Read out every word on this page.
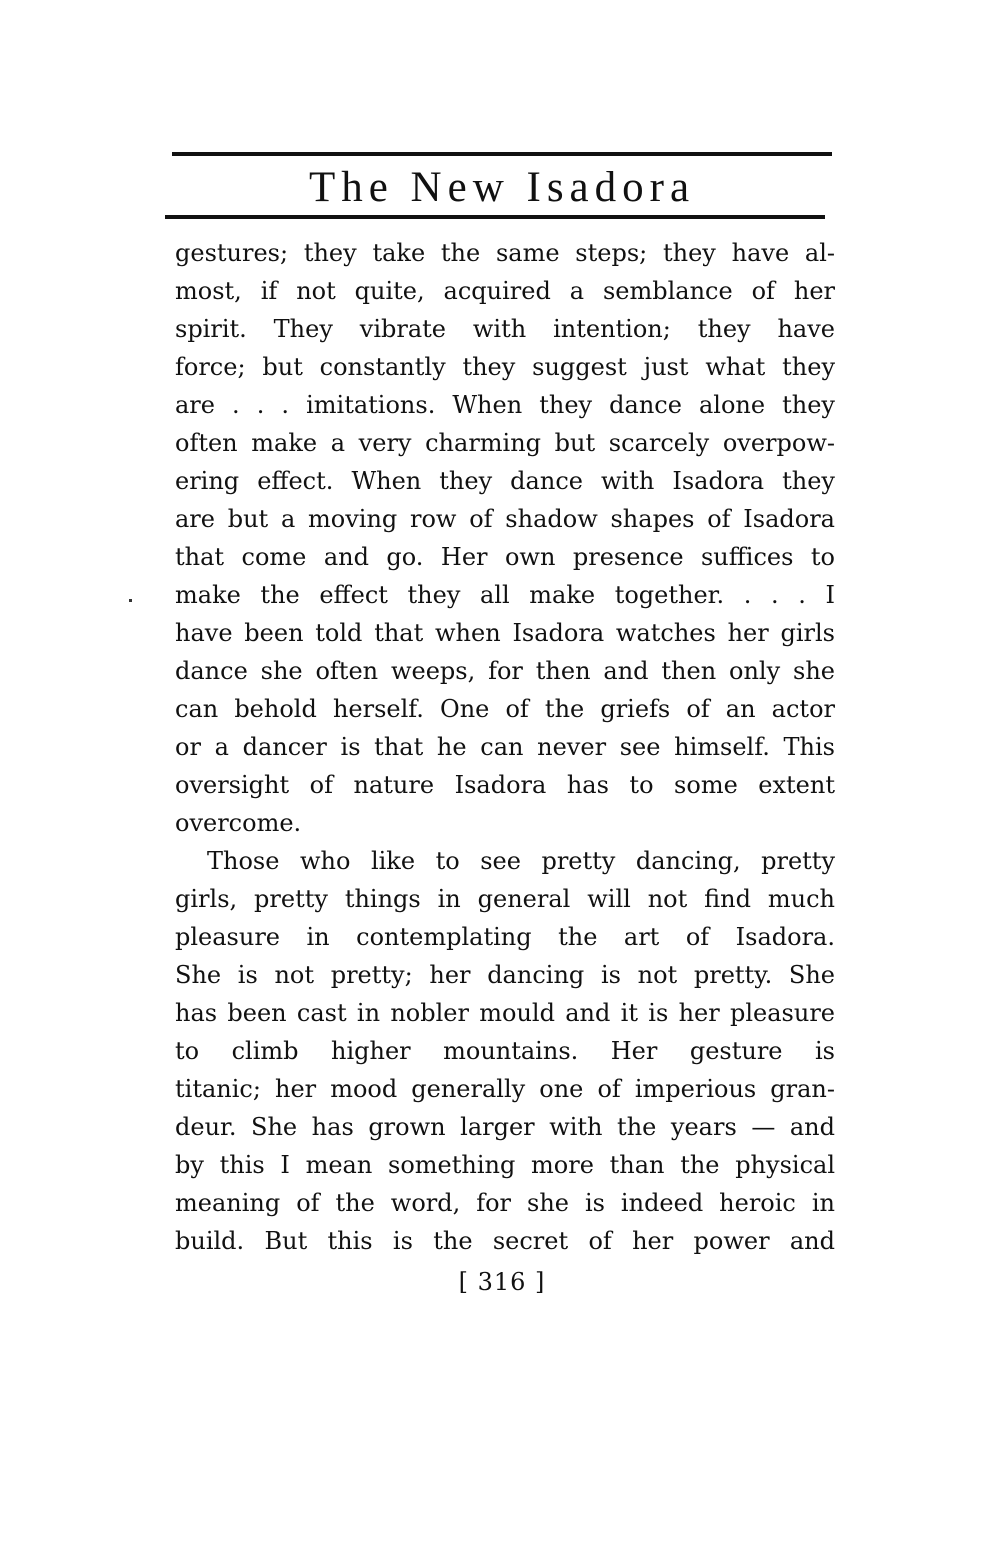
The New Isadora
gestures; they take the same steps; they have al-
most, if not quite, acquired a semblance of her
spirit. They vibrate with intention; they have
force; but constantly they suggest just what they
are . . . imitations. When they dance alone they
often make a very charming but scarcely overpow-
ering effect. When they dance with Isadora they
are but a moving row of shadow shapes of Isadora
that come and go. Her own presence suffices to
make the effect they all make together. . . . I
have been told that when Isadora watches her girls
dance she often weeps, for then and then only she
can behold herself. One of the griefs of an actor
or a dancer is that he can never see himself. This
oversight of nature Isadora has to some extent
overcome.
Those who like to see pretty dancing, pretty
girls, pretty things in general will not find much
pleasure in contemplating the art of Isadora.
She is not pretty; her dancing is not pretty. She
has been cast in nobler mould and it is her pleasure
to climb higher mountains. Her gesture is
titanic; her mood generally one of imperious gran-
deur. She has grown larger with the years — and
by this I mean something more than the physical
meaning of the word, for she is indeed heroic in
build. But this is the secret of her power and
[ 316 ]
